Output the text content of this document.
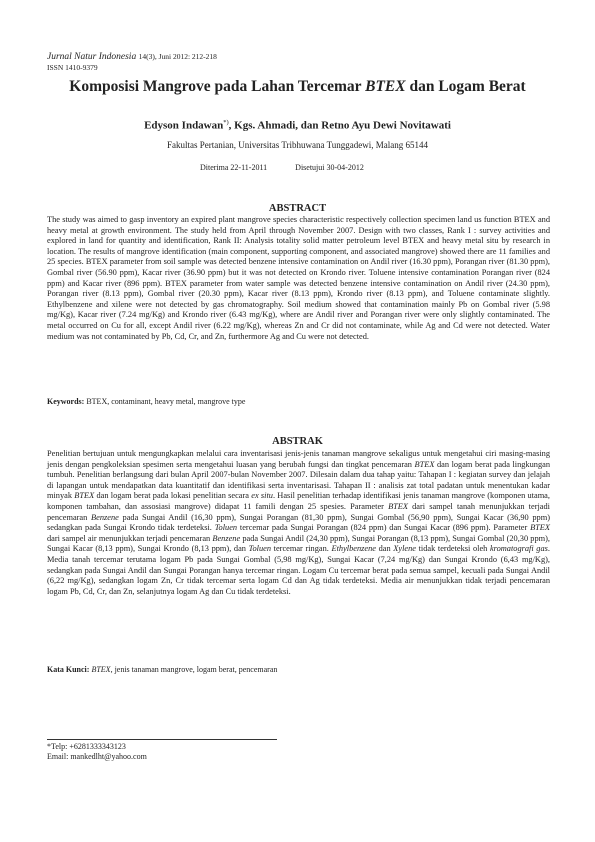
Jurnal Natur Indonesia 14(3), Juni 2012: 212-218
ISSN 1410-9379
Komposisi Mangrove pada Lahan Tercemar BTEX dan Logam Berat
Edyson Indawan*), Kgs. Ahmadi, dan Retno Ayu Dewi Novitawati
Fakultas Pertanian, Universitas Tribhuwana Tunggadewi, Malang 65144
Diterima 22-11-2011	Disetujui 30-04-2012
ABSTRACT
The study was aimed to gasp inventory an expired plant mangrove species characteristic respectively collection specimen land us function BTEX and heavy metal at growth environment. The study held from April through November 2007. Design with two classes, Rank I : survey activities and explored in land for quantity and identification, Rank II: Analysis totality solid matter petroleum level BTEX and heavy metal situ by research in location. The results of mangrove identification (main component, supporting component, and associated mangrove) showed there are 11 families and 25 species. BTEX parameter from soil sample was detected benzene intensive contamination on Andil river (16.30 ppm), Porangan river (81.30 ppm), Gombal river (56.90 ppm), Kacar river (36.90 ppm) but it was not detected on Krondo river. Toluene intensive contamination Porangan river (824 ppm) and Kacar river (896 ppm). BTEX parameter from water sample was detected benzene intensive contamination on Andil river (24.30 ppm), Porangan river (8.13 ppm), Gombal river (20.30 ppm), Kacar river (8.13 ppm), Krondo river (8.13 ppm), and Toluene contaminate slightly. Ethylbenzene and xilene were not detected by gas chromatography. Soil medium showed that contamination mainly Pb on Gombal river (5.98 mg/Kg), Kacar river (7.24 mg/Kg) and Krondo river (6.43 mg/Kg), where are Andil river and Porangan river were only slightly contaminated. The metal occurred on Cu for all, except Andil river (6.22 mg/Kg), whereas Zn and Cr did not contaminate, while Ag and Cd were not detected. Water medium was not contaminated by Pb, Cd, Cr, and Zn, furthermore Ag and Cu were not detected.
Keywords: BTEX, contaminant, heavy metal, mangrove type
ABSTRAK
Penelitian bertujuan untuk mengungkapkan melalui cara inventarisasi jenis-jenis tanaman mangrove sekaligus untuk mengetahui ciri masing-masing jenis dengan pengkoleksian spesimen serta mengetahui luasan yang berubah fungsi dan tingkat pencemaran BTEX dan logam berat pada lingkungan tumbuh. Penelitian berlangsung dari bulan April 2007-bulan November 2007. Dilesain dalam dua tahap yaitu: Tahapan I : kegiatan survey dan jelajah di lapangan untuk mendapatkan data kuantitatif dan identifikasi serta inventarisasi. Tahapan II : analisis zat total padatan untuk menentukan kadar minyak BTEX dan logam berat pada lokasi penelitian secara ex situ. Hasil penelitian terhadap identifikasi jenis tanaman mangrove (komponen utama, komponen tambahan, dan assosiasi mangrove) didapat 11 famili dengan 25 spesies. Parameter BTEX dari sampel tanah menunjukkan terjadi pencemaran Benzene pada Sungai Andil (16,30 ppm), Sungai Porangan (81,30 ppm), Sungai Gombal (56,90 ppm), Sungai Kacar (36,90 ppm) sedangkan pada Sungai Krondo tidak terdeteksi. Toluen tercemar pada Sungai Porangan (824 ppm) dan Sungai Kacar (896 ppm). Parameter BTEX dari sampel air menunjukkan terjadi pencemaran Benzene pada Sungai Andil (24,30 ppm), Sungai Porangan (8,13 ppm), Sungai Gombal (20,30 ppm), Sungai Kacar (8,13 ppm), Sungai Krondo (8,13 ppm), dan Toluen tercemar ringan. Ethylbenzene dan Xylene tidak terdeteksi oleh kromatografi gas. Media tanah tercemar terutama logam Pb pada Sungai Gombal (5,98 mg/Kg), Sungai Kacar (7,24 mg/Kg) dan Sungai Krondo (6,43 mg/Kg), sedangkan pada Sungai Andil dan Sungai Porangan hanya tercemar ringan. Logam Cu tercemar berat pada semua sampel, kecuali pada Sungai Andil (6,22 mg/Kg), sedangkan logam Zn, Cr tidak tercemar serta logam Cd dan Ag tidak terdeteksi. Media air menunjukkan tidak terjadi pencemaran logam Pb, Cd, Cr, dan Zn, selanjutnya logam Ag dan Cu tidak terdeteksi.
Kata Kunci: BTEX, jenis tanaman mangrove, logam berat, pencemaran
*Telp: +6281333343123
Email: mankedlht@yahoo.com
